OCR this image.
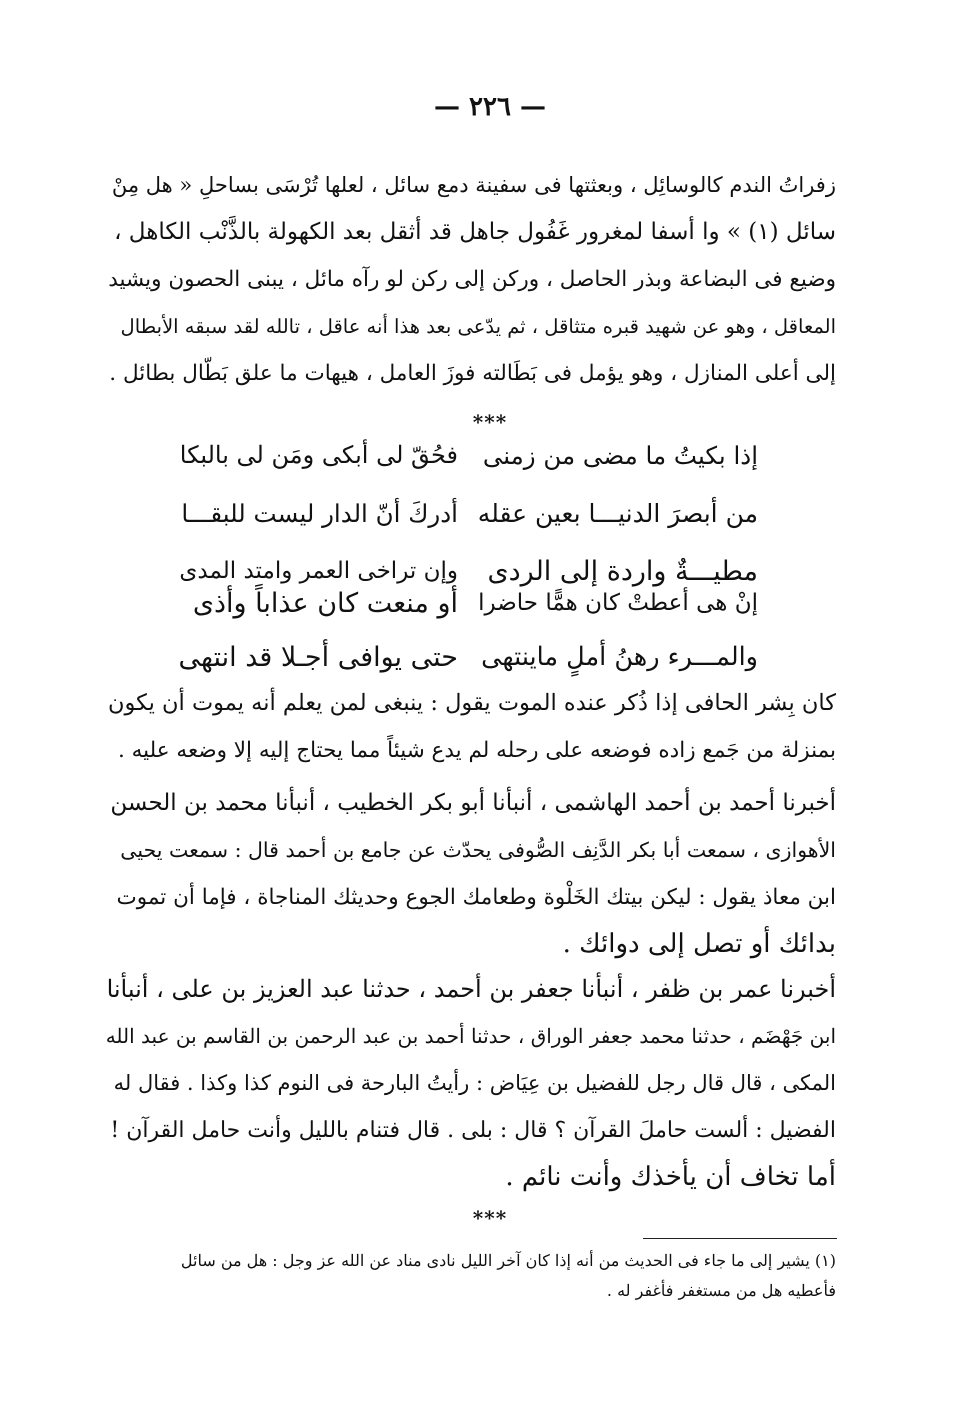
— ٢٢٦ —
زفراتُ الندم كالوسائِل ، وبعثتها فى سفينة دمع سائل ، لعلها تُرْسَى بساحلِ « هل مِنْ
سائل (١) » وا أسفا لمغرور غَفُول جاهل قد أثقل بعد الكهولة بالذَّنْب الكاهل ،
وضيع فى البضاعة وبذر الحاصل ، وركن إلى ركن لو رآه مائل ، يبنى الحصون ويشيد
المعاقل ، وهو عن شهيد قبره متثاقل ، ثم يدّعى بعد هذا أنه عاقل ، تالله لقد سبقه الأبطال
إلى أعلى المنازل ، وهو يؤمل فى بَطَالته فوزَ العامل ، هيهات ما علق بَطّال بطائل .
***
إذا بكيتُ ما مضى من زمنى
فحُقّ لى أبكى ومَن لى بالبكا
من أبصرَ الدنيـــا بعين عقله
أدركَ أنّ الدار ليست للبقـــا
مطيـــةٌ واردة إلى الردى
وإن تراخى العمر وامتد المدى
إنْ هى أعطتْ كان همًّا حاضرا
أو منعت كان عذاباً وأذى
والمـــرء رهنُ أملٍ ماينتهى
حتى يوافى أجـلا قد انتهى
كان بِشر الحافى إذا ذُكر عنده الموت يقول : ينبغى لمن يعلم أنه يموت أن يكون
بمنزلة من جَمع زاده فوضعه على رحله لم يدع شيئاً مما يحتاج إليه إلا وضعه عليه .
أخبرنا أحمد بن أحمد الهاشمى ، أنبأنا أبو بكر الخطيب ، أنبأنا محمد بن الحسن
الأهوازى ، سمعت أبا بكر الدَّنِف الصُّوفى يحدّث عن جامع بن أحمد قال : سمعت يحيى
ابن معاذ يقول : ليكن بيتك الخَلْوة وطعامك الجوع وحديثك المناجاة ، فإما أن تموت
بدائك أو تصل إلى دوائك .
أخبرنا عمر بن ظفر ، أنبأنا جعفر بن أحمد ، حدثنا عبد العزيز بن على ، أنبأنا
ابن جَهْضَم ، حدثنا محمد جعفر الوراق ، حدثنا أحمد بن عبد الرحمن بن القاسم بن عبد الله
المكى ، قال قال رجل للفضيل بن عِيَاض : رأيتُ البارحة فى النوم كذا وكذا . فقال له
الفضيل : ألست حاملَ القرآن ؟ قال : بلى . قال فتنام بالليل وأنت حامل القرآن !
أما تخاف أن يأخذك وأنت نائم .
***
(١) يشير إلى ما جاء فى الحديث من أنه إذا كان آخر الليل نادى مناد عن الله عز وجل : هل من سائل
فأعطيه هل من مستغفر فأغفر له .
